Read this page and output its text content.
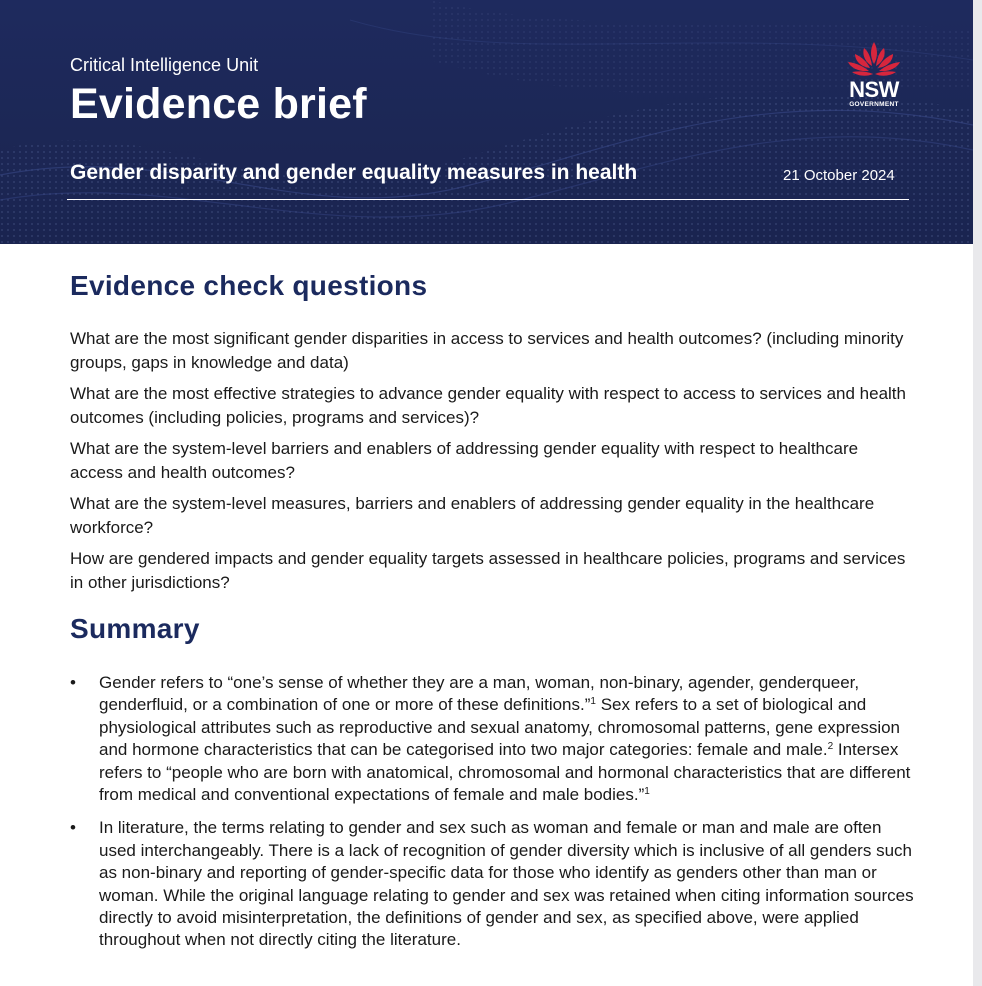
Critical Intelligence Unit
Evidence brief
Gender disparity and gender equality measures in health	21 October 2024
NSW
GOVERNMENT
Evidence check questions

What are the most significant gender disparities in access to services and health outcomes? (including minority groups, gaps in knowledge and data)

What are the most effective strategies to advance gender equality with respect to access to services and health outcomes (including policies, programs and services)?

What are the system-level barriers and enablers of addressing gender equality with respect to healthcare access and health outcomes?

What are the system-level measures, barriers and enablers of addressing gender equality in the healthcare workforce?

How are gendered impacts and gender equality targets assessed in healthcare policies, programs and services in other jurisdictions?

Summary
• Gender refers to “one’s sense of whether they are a man, woman, non-binary, agender, genderqueer, genderfluid, or a combination of one or more of these definitions.”$^1$ Sex refers to a set of biological and physiological attributes such as reproductive and sexual anatomy, chromosomal patterns, gene expression and hormone characteristics that can be categorised into two major categories: female and male.$^2$ Intersex refers to “people who are born with anatomical, chromosomal and hormonal characteristics that are different from medical and conventional expectations of female and male bodies.”$^1$
• In literature, the terms relating to gender and sex such as woman and female or man and male are often used interchangeably. There is a lack of recognition of gender diversity which is inclusive of all genders such as non-binary and reporting of gender-specific data for those who identify as genders other than man or woman. While the original language relating to gender and sex was retained when citing information sources directly to avoid misinterpretation, the definitions of gender and sex, as specified above, were applied throughout when not directly citing the literature.
